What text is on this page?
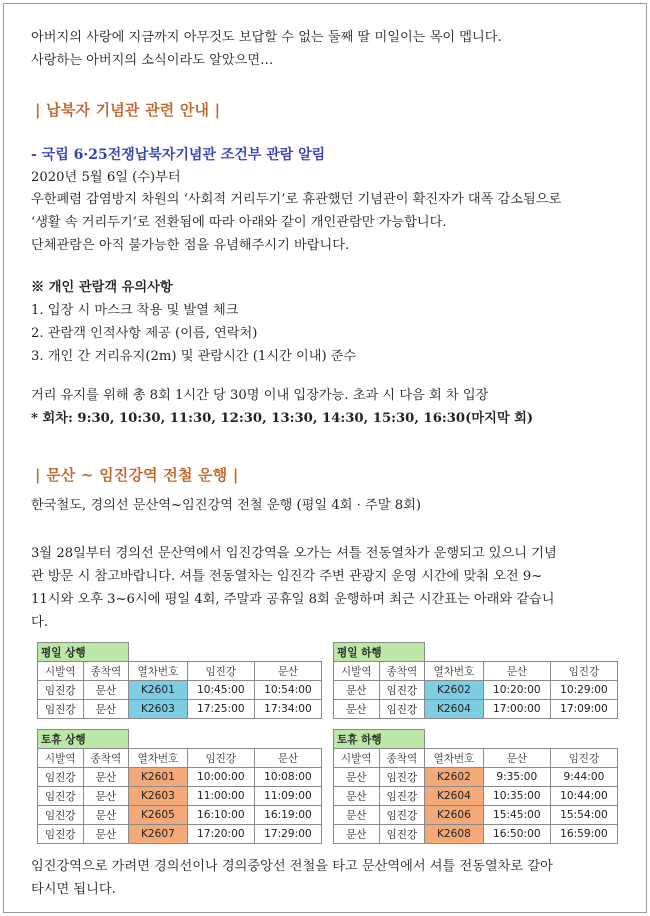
아버지의 사랑에 지금까지 아무것도 보답할 수 없는 둘째 딸 미일이는 목이 멥니다.

사랑하는 아버지의 소식이라도 알았으면…

| 납북자 기념관 관련 안내 |

- 국립 6·25전쟁납북자기념관 조건부 관람 알림

2020년 5월 6일 (수)부터

우한폐렴 감염방지 차원의 ‘사회적 거리두기’로 휴관했던 기념관이 확진자가 대폭 감소됨으로

‘생활 속 거리두기’로 전환됨에 따라 아래와 같이 개인관람만 가능합니다.

단체관람은 아직 불가능한 점을 유념해주시기 바랍니다.

※ 개인 관람객 유의사항

1. 입장 시 마스크 착용 및 발열 체크

2. 관람객 인적사항 제공 (이름, 연락처)

3. 개인 간 거리유지(2m) 및 관람시간 (1시간 이내) 준수

거리 유지를 위해 총 8회 1시간 당 30명 이내 입장가능. 초과 시 다음 회 차 입장

* 회차: 9:30, 10:30, 11:30, 12:30, 13:30, 14:30, 15:30, 16:30(마지막 회)

| 문산 ~ 임진강역 전철 운행 |

한국철도, 경의선 문산역~임진강역 전철 운행 (평일 4회 · 주말 8회)

3월 28일부터 경의선 문산역에서 임진강역을 오가는 셔틀 전동열차가 운행되고 있으니 기념

관 방문 시 참고바랍니다. 셔틀 전동열차는 임진각 주변 관광지 운영 시간에 맞춰 오전 9~

11시와 오후 3~6시에 평일 4회, 주말과 공휴일 8회 운행하며 최근 시간표는 아래와 같습니

다.

평일 상행				
시발역	종착역	열차번호	임진강	문산
임진강	문산	K2601	10:45:00	10:54:00
임진강	문산	K2603	17:25:00	17:34:00
평일 하행				
시발역	종착역	열차번호	문산	임진강
문산	임진강	K2602	10:20:00	10:29:00
문산	임진강	K2604	17:00:00	17:09:00
토휴 상행				
시발역	종착역	열차번호	임진강	문산
임진강	문산	K2601	10:00:00	10:08:00
임진강	문산	K2603	11:00:00	11:09:00
임진강	문산	K2605	16:10:00	16:19:00
임진강	문산	K2607	17:20:00	17:29:00
토휴 하행				
시발역	종착역	열차번호	문산	임진강
문산	임진강	K2602	9:35:00	9:44:00
문산	임진강	K2604	10:35:00	10:44:00
문산	임진강	K2606	15:45:00	15:54:00
문산	임진강	K2608	16:50:00	16:59:00

임진강역으로 가려면 경의선이나 경의중앙선 전철을 타고 문산역에서 셔틀 전동열차로 갈아

타시면 됩니다.
